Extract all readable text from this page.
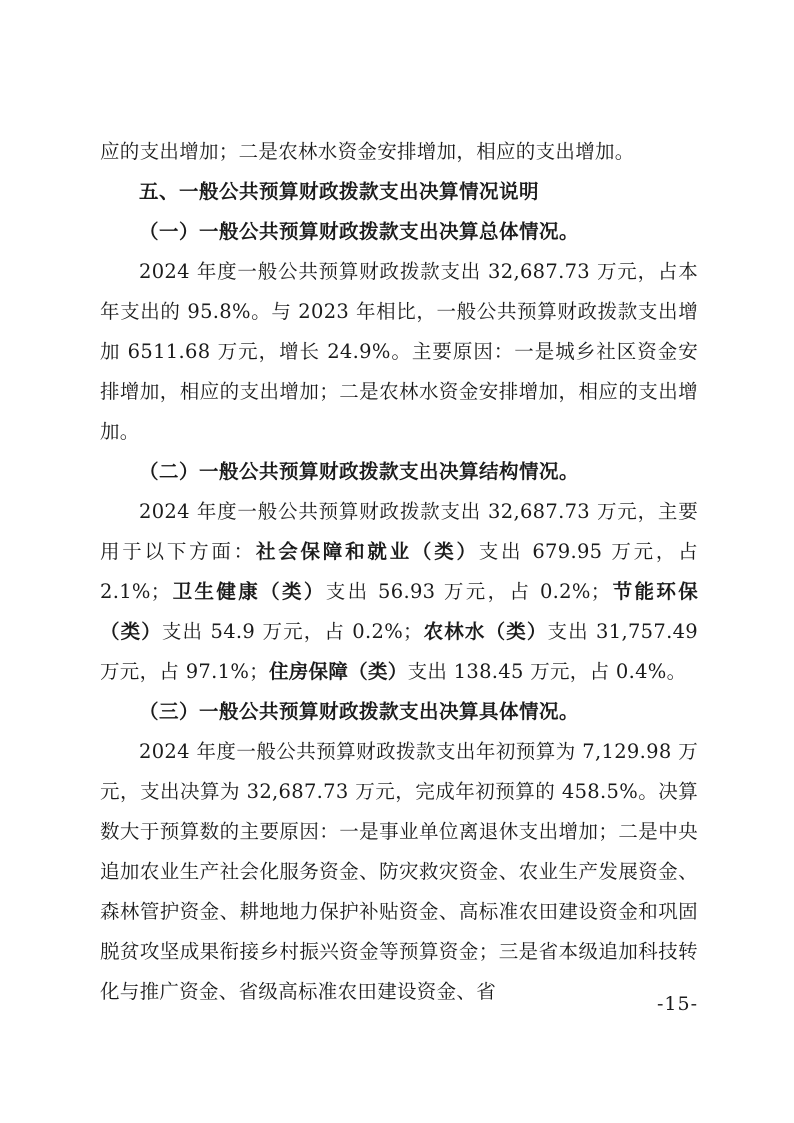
应的支出增加；二是农林水资金安排增加，相应的支出增加。

五、一般公共预算财政拨款支出决算情况说明

（一）一般公共预算财政拨款支出决算总体情况。

2024 年度一般公共预算财政拨款支出 32,687.73 万元，占本年支出的 95.8%。与 2023 年相比，一般公共预算财政拨款支出增加 6511.68 万元，增长 24.9%。主要原因：一是城乡社区资金安排增加，相应的支出增加；二是农林水资金安排增加，相应的支出增加。

（二）一般公共预算财政拨款支出决算结构情况。

2024 年度一般公共预算财政拨款支出 32,687.73 万元，主要用于以下方面：社会保障和就业（类）支出 679.95 万元，占 2.1%；卫生健康（类）支出 56.93 万元，占 0.2%；节能环保（类）支出 54.9 万元，占 0.2%；农林水（类）支出 31,757.49 万元，占 97.1%；住房保障（类）支出 138.45 万元，占 0.4%。

（三）一般公共预算财政拨款支出决算具体情况。

2024 年度一般公共预算财政拨款支出年初预算为 7,129.98 万元，支出决算为 32,687.73 万元，完成年初预算的 458.5%。决算数大于预算数的主要原因：一是事业单位离退休支出增加；二是中央追加农业生产社会化服务资金、防灾救灾资金、农业生产发展资金、森林管护资金、耕地地力保护补贴资金、高标准农田建设资金和巩固脱贫攻坚成果衔接乡村振兴资金等预算资金；三是省本级追加科技转化与推广资金、省级高标准农田建设资金、省

-15-
